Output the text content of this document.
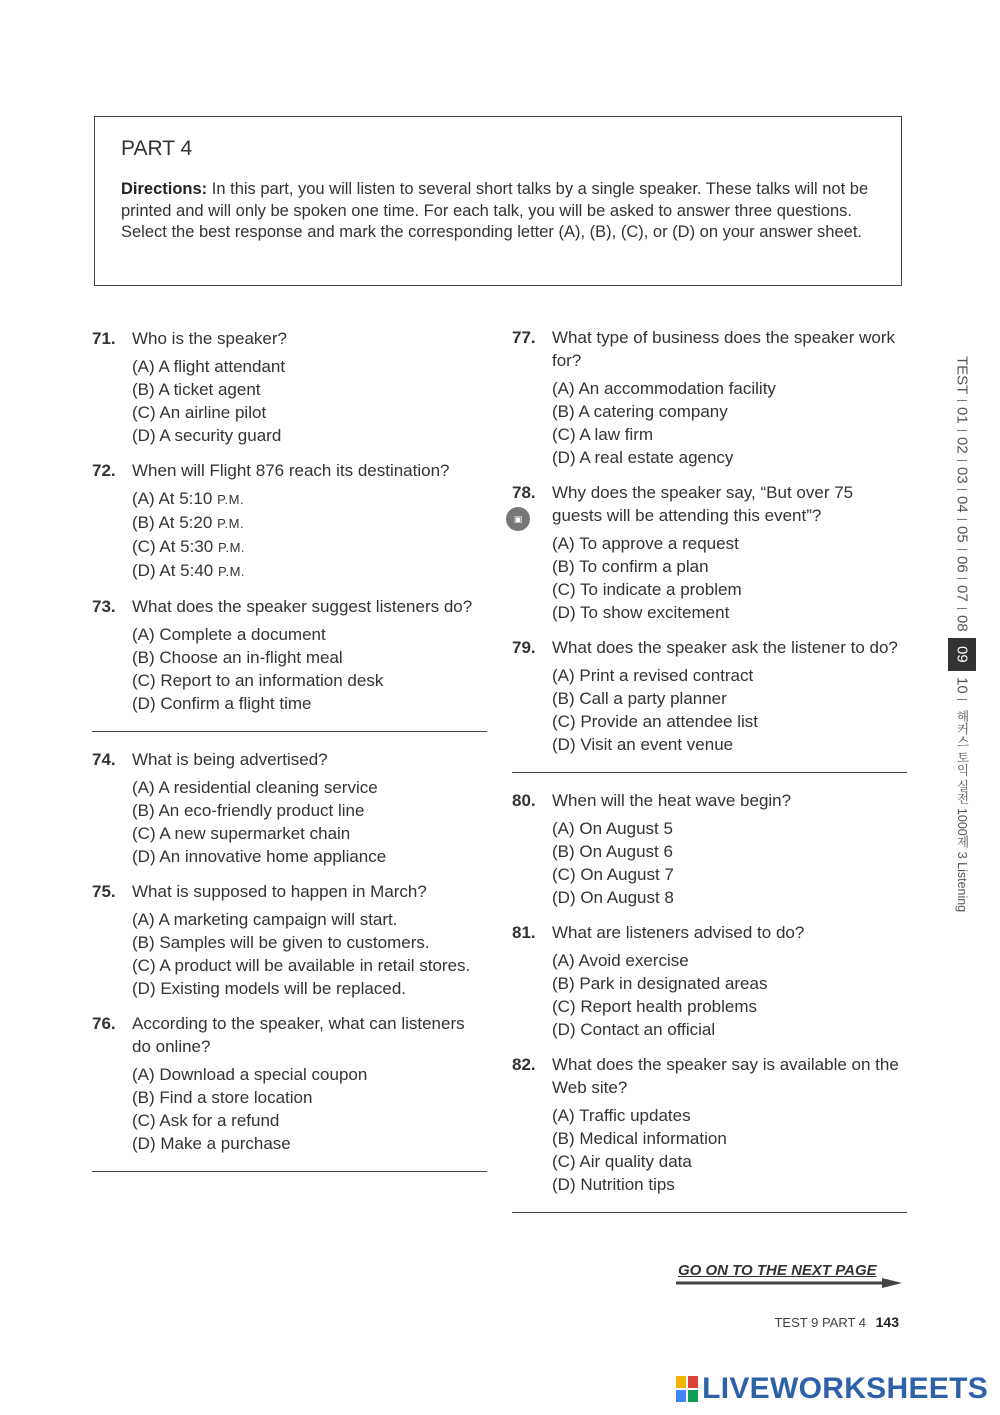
PART 4
Directions: In this part, you will listen to several short talks by a single speaker. These talks will not be printed and will only be spoken one time. For each talk, you will be asked to answer three questions. Select the best response and mark the corresponding letter (A), (B), (C), or (D) on your answer sheet.
71. Who is the speaker?
(A) A flight attendant
(B) A ticket agent
(C) An airline pilot
(D) A security guard
72. When will Flight 876 reach its destination?
(A) At 5:10 P.M.
(B) At 5:20 P.M.
(C) At 5:30 P.M.
(D) At 5:40 P.M.
73. What does the speaker suggest listeners do?
(A) Complete a document
(B) Choose an in-flight meal
(C) Report to an information desk
(D) Confirm a flight time
74. What is being advertised?
(A) A residential cleaning service
(B) An eco-friendly product line
(C) A new supermarket chain
(D) An innovative home appliance
75. What is supposed to happen in March?
(A) A marketing campaign will start.
(B) Samples will be given to customers.
(C) A product will be available in retail stores.
(D) Existing models will be replaced.
76. According to the speaker, what can listeners do online?
(A) Download a special coupon
(B) Find a store location
(C) Ask for a refund
(D) Make a purchase
77. What type of business does the speaker work for?
(A) An accommodation facility
(B) A catering company
(C) A law firm
(D) A real estate agency
78.
▣
Why does the speaker say, “But over 75 guests will be attending this event”?
(A) To approve a request
(B) To confirm a plan
(C) To indicate a problem
(D) To show excitement
79. What does the speaker ask the listener to do?
(A) Print a revised contract
(B) Call a party planner
(C) Provide an attendee list
(D) Visit an event venue
80. When will the heat wave begin?
(A) On August 5
(B) On August 6
(C) On August 7
(D) On August 8
81. What are listeners advised to do?
(A) Avoid exercise
(B) Park in designated areas
(C) Report health problems
(D) Contact an official
82. What does the speaker say is available on the Web site?
(A) Traffic updates
(B) Medical information
(C) Air quality data
(D) Nutrition tips
TEST
01
02
03
04
05
06
07
08
09
10
해커스 토익 실전 1000제 3 Listening
GO ON TO THE NEXT PAGE
TEST 9 PART 4 143
LIVEWORKSHEETS
